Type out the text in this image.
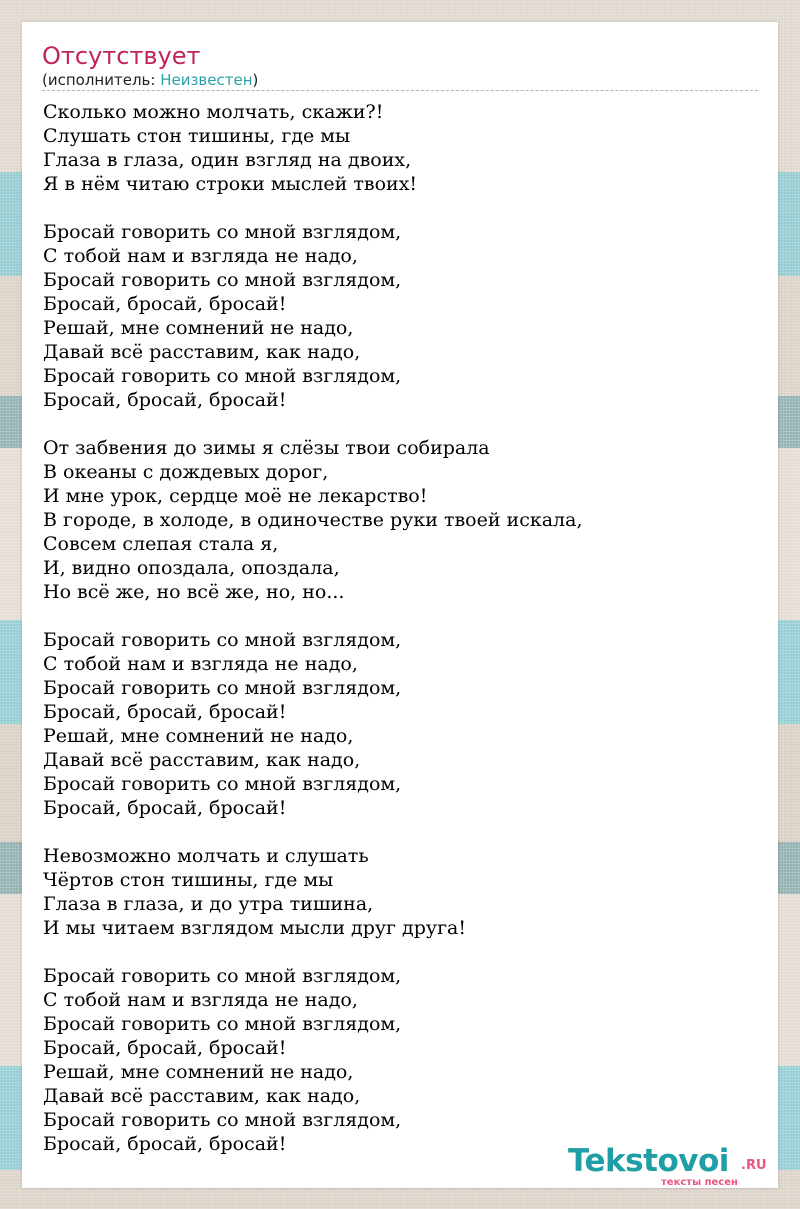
Отсутствует
(исполнитель: Неизвестен)
Сколько можно молчать, скажи?!
Слушать стон тишины, где мы
Глаза в глаза, один взгляд на двоих,
Я в нём читаю строки мыслей твоих!
Бросай говорить со мной взглядом,
С тобой нам и взгляда не надо,
Бросай говорить со мной взглядом,
Бросай, бросай, бросай!
Решай, мне сомнений не надо,
Давай всё расставим, как надо,
Бросай говорить со мной взглядом,
Бросай, бросай, бросай!
От забвения до зимы я слёзы твои собирала
В океаны с дождевых дорог,
И мне урок, сердце моё не лекарство!
В городе, в холоде, в одиночестве руки твоей искала,
Совсем слепая стала я,
И, видно опоздала, опоздала,
Но всё же, но всё же, но, но...
Бросай говорить со мной взглядом,
С тобой нам и взгляда не надо,
Бросай говорить со мной взглядом,
Бросай, бросай, бросай!
Решай, мне сомнений не надо,
Давай всё расставим, как надо,
Бросай говорить со мной взглядом,
Бросай, бросай, бросай!
Невозможно молчать и слушать
Чёртов стон тишины, где мы
Глаза в глаза, и до утра тишина,
И мы читаем взглядом мысли друг друга!
Бросай говорить со мной взглядом,
С тобой нам и взгляда не надо,
Бросай говорить со мной взглядом,
Бросай, бросай, бросай!
Решай, мне сомнений не надо,
Давай всё расставим, как надо,
Бросай говорить со мной взглядом,
Бросай, бросай, бросай!	Tekstovoi .RU
тексты песен
